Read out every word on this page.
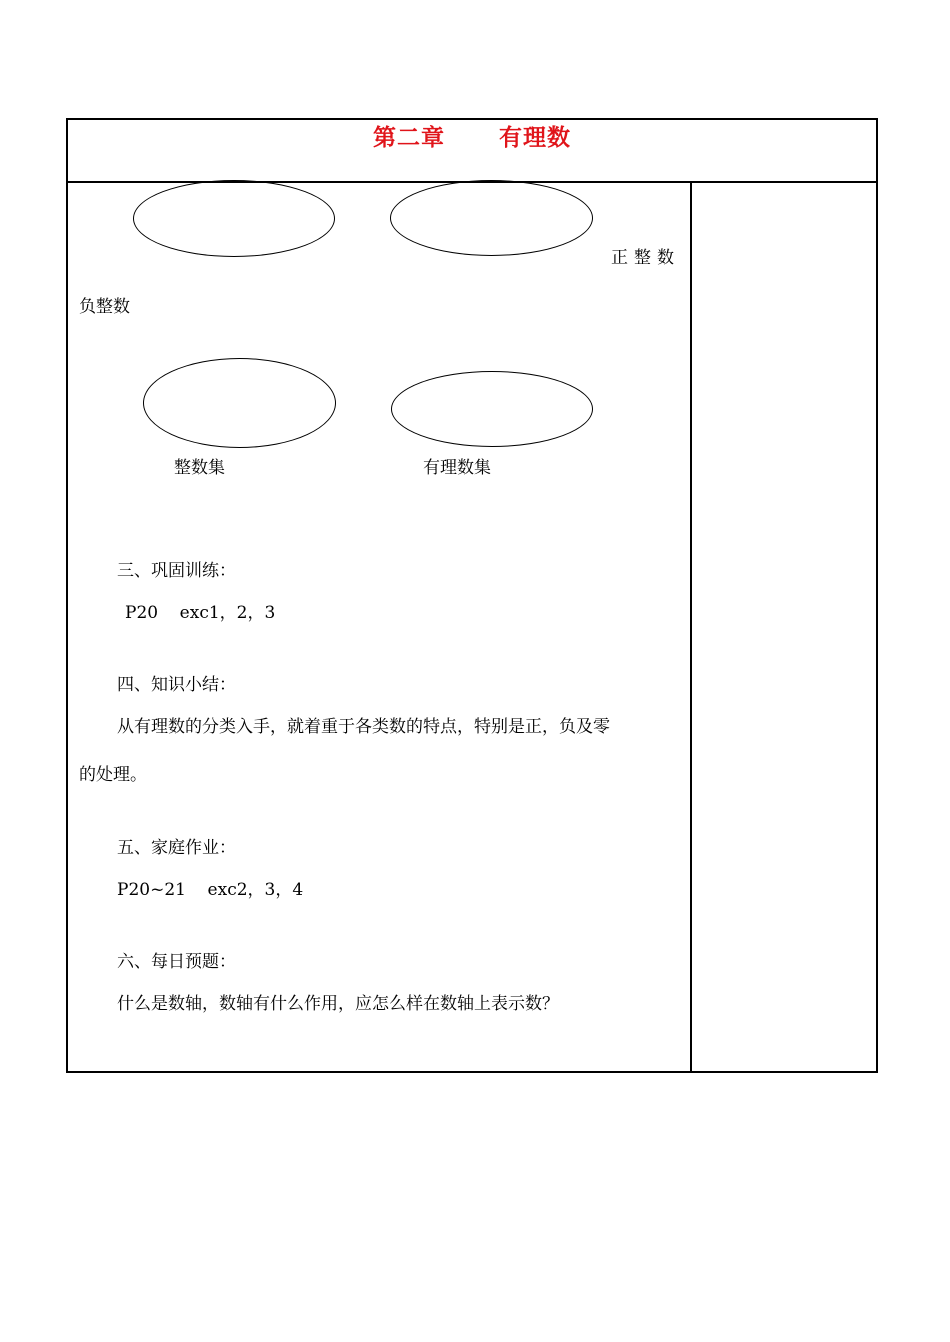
第二章      有理数
正整数
负整数
整数集	有理数集
三、巩固训练：
P20    exc1，2，3
四、知识小结：
从有理数的分类入手，就着重于各类数的特点，特别是正，负及零
的处理。
五、家庭作业：
P20~21    exc2，3，4
六、每日预题：
什么是数轴，数轴有什么作用，应怎么样在数轴上表示数？
